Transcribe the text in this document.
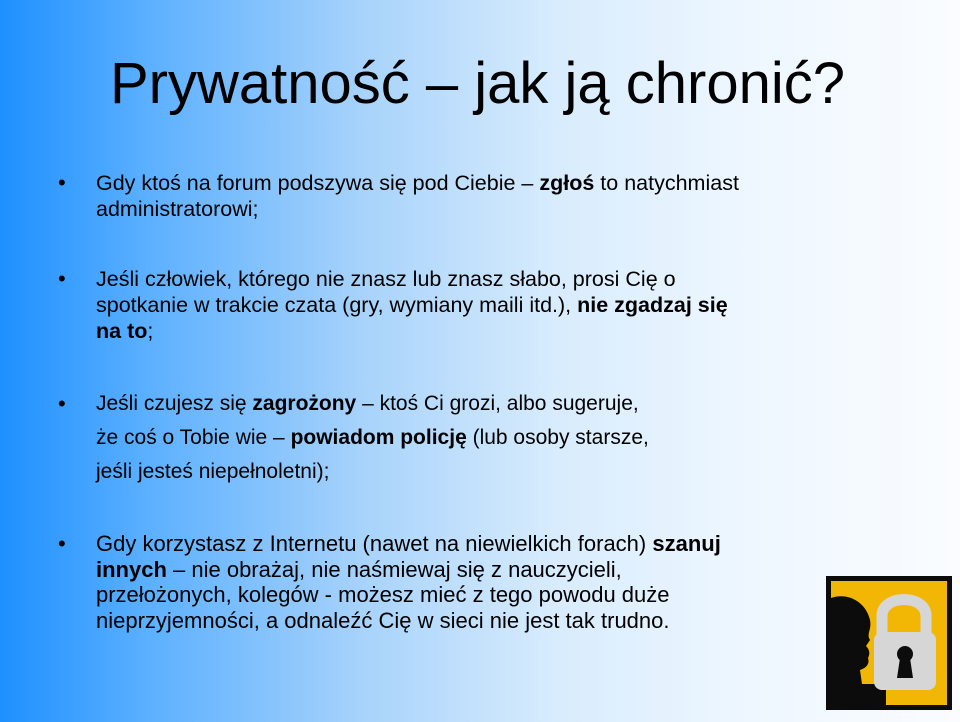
Prywatność – jak ją chronić?
• Gdy ktoś na forum podszywa się pod Ciebie – zgłoś to natychmiast
administratorowi;
• Jeśli człowiek, którego nie znasz lub znasz słabo, prosi Cię o
spotkanie w trakcie czata (gry, wymiany maili itd.), nie zgadzaj się
na to;
• Jeśli czujesz się zagrożony – ktoś Ci grozi, albo sugeruje,
że coś o Tobie wie – powiadom policję (lub osoby starsze,
jeśli jesteś niepełnoletni);
• Gdy korzystasz z Internetu (nawet na niewielkich forach) szanuj
innych – nie obrażaj, nie naśmiewaj się z nauczycieli,
przełożonych, kolegów - możesz mieć z tego powodu duże
nieprzyjemności, a odnaleźć Cię w sieci nie jest tak trudno.
